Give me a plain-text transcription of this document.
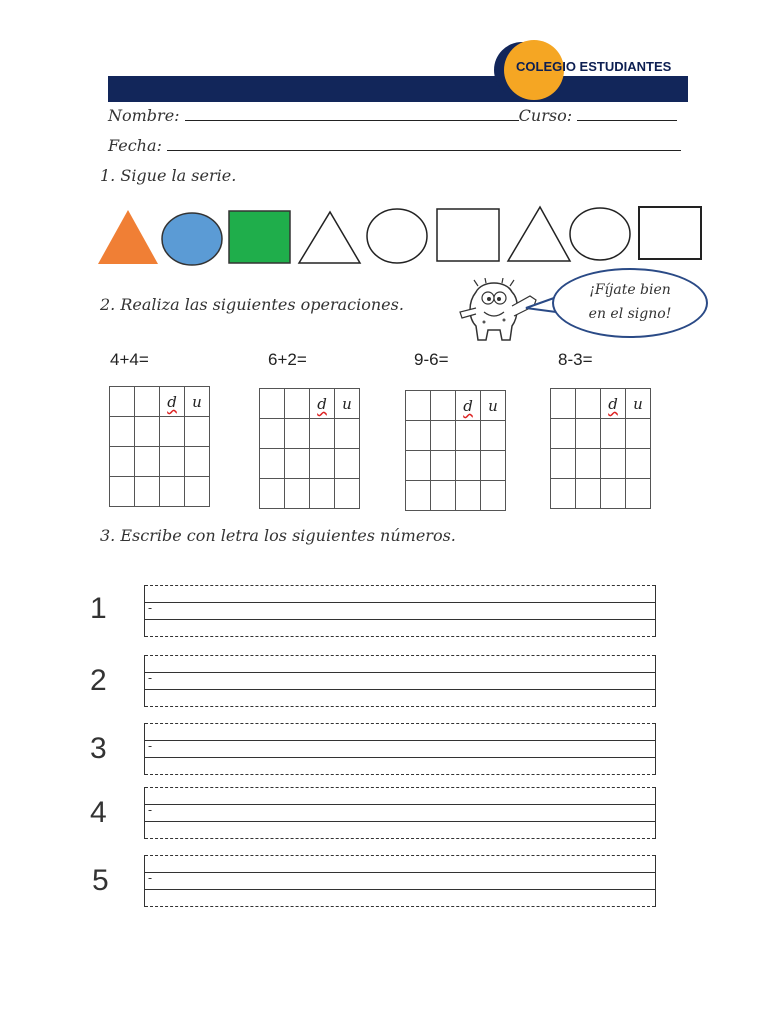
COLEGIO ESTUDIANTES
Nombre:	Curso:
Fecha:
1. Sigue la serie.
2. Realiza las siguientes operaciones.
¡Fíjate bien
en el signo!
4+4=	6+2=	9-6=	8-3=
		d	u

			d	u

			d	u

			d	u

3. Escribe con letra los siguientes números.
1	-
2	-
3	-
4	-
5	-
